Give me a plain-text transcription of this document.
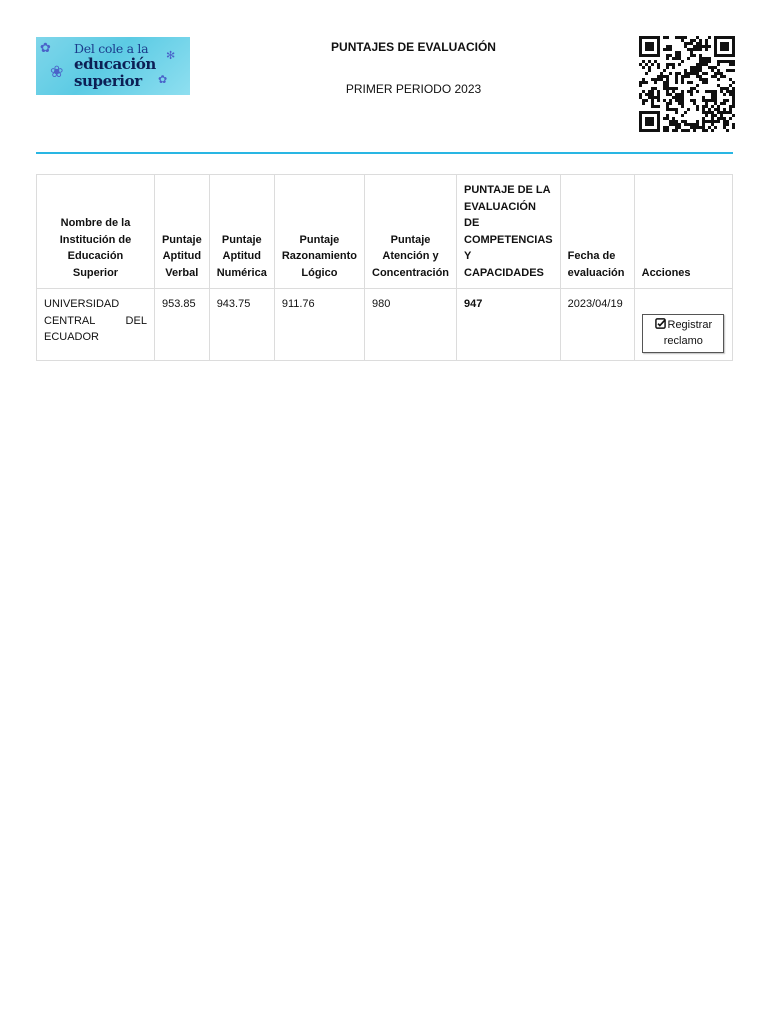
✿
❀
✻
✿
Del cole a la
educación
superior
PUNTAJES DE EVALUACIÓN
PRIMER PERIODO 2023
Nombre de la Institución de Educación Superior	Puntaje Aptitud Verbal	Puntaje Aptitud Numérica	Puntaje Razonamiento Lógico	Puntaje Atención y Concentración	PUNTAJE DE LA EVALUACIÓN DE COMPETENCIAS Y CAPACIDADES	Fecha de evaluación	Acciones
UNIVERSIDAD CENTRAL DEL ECUADOR	953.85	943.75	911.76	980	947	2023/04/19	Registrar reclamo
